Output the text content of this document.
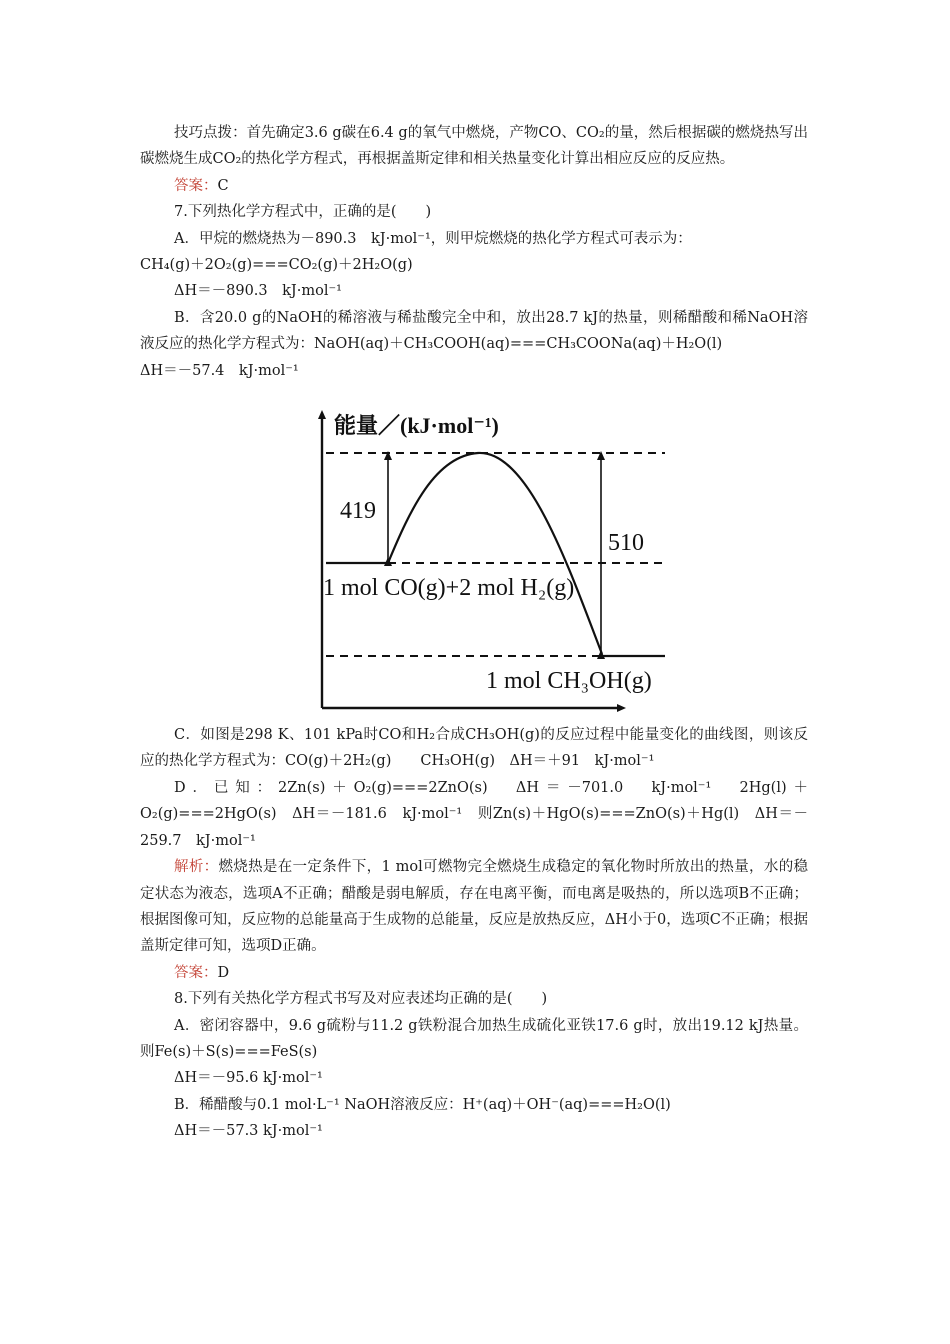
技巧点拨：首先确定3.6 g碳在6.4 g的氧气中燃烧，产物CO、CO₂的量，然后根据碳的燃烧热写出碳燃烧生成CO₂的热化学方程式，再根据盖斯定律和相关热量变化计算出相应反应的反应热。

答案：C

7.下列热化学方程式中，正确的是(　　)

A．甲烷的燃烧热为－890.3　kJ·mol⁻¹，则甲烷燃烧的热化学方程式可表示为：

CH₄(g)＋2O₂(g)===CO₂(g)＋2H₂O(g)

ΔH＝－890.3　kJ·mol⁻¹

B．含20.0 g的NaOH的稀溶液与稀盐酸完全中和，放出28.7 kJ的热量，则稀醋酸和稀NaOH溶液反应的热化学方程式为：NaOH(aq)＋CH₃COOH(aq)===CH₃COONa(aq)＋H₂O(l)

ΔH＝－57.4　kJ·mol⁻¹

能量／(kJ·mol⁻¹)
419
510
1 mol CO(g)+2 mol H₂(g)
1 mol CH₃OH(g)

C．如图是298 K、101 kPa时CO和H₂合成CH₃OH(g)的反应过程中能量变化的曲线图，则该反应的热化学方程式为：CO(g)＋2H₂(g)　　CH₃OH(g)　ΔH＝＋91　kJ·mol⁻¹

D．已知：2Zn(s)＋O₂(g)===2ZnO(s)　ΔH＝－701.0　kJ·mol⁻¹　2Hg(l)＋O₂(g)===2HgO(s)　ΔH＝－181.6　kJ·mol⁻¹　则Zn(s)＋HgO(s)===ZnO(s)＋Hg(l)　ΔH＝－259.7　kJ·mol⁻¹

解析：燃烧热是在一定条件下，1 mol可燃物完全燃烧生成稳定的氧化物时所放出的热量，水的稳定状态为液态，选项A不正确；醋酸是弱电解质，存在电离平衡，而电离是吸热的，所以选项B不正确；根据图像可知，反应物的总能量高于生成物的总能量，反应是放热反应，ΔH小于0，选项C不正确；根据盖斯定律可知，选项D正确。

答案：D

8.下列有关热化学方程式书写及对应表述均正确的是(　　)

A．密闭容器中，9.6 g硫粉与11.2 g铁粉混合加热生成硫化亚铁17.6 g时，放出19.12 kJ热量。则Fe(s)＋S(s)===FeS(s)

ΔH＝－95.6 kJ·mol⁻¹

B．稀醋酸与0.1 mol·L⁻¹ NaOH溶液反应：H⁺(aq)＋OH⁻(aq)===H₂O(l)

ΔH＝－57.3 kJ·mol⁻¹
